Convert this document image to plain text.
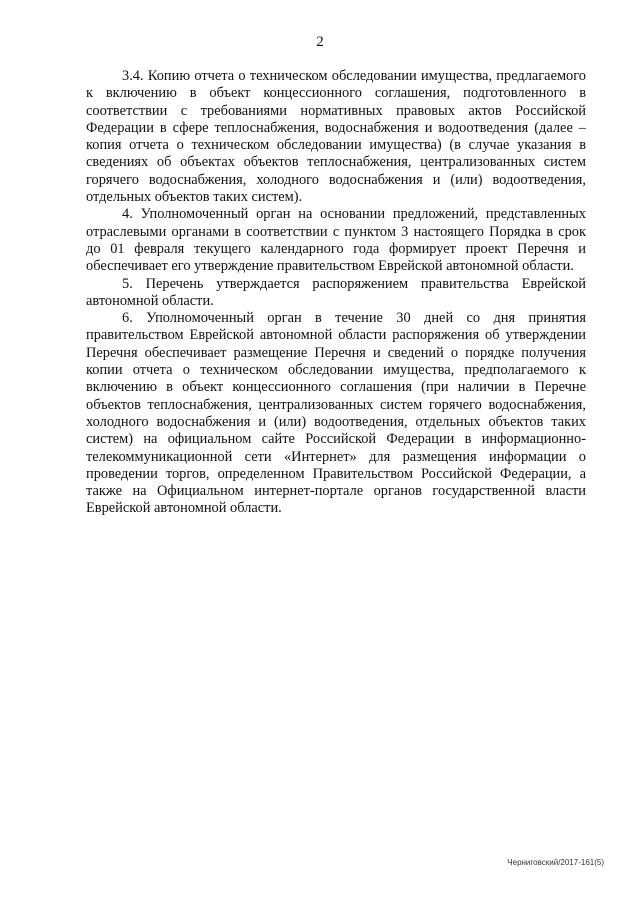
2

3.4. Копию отчета о техническом обследовании имущества, предлагаемого к включению в объект концессионного соглашения, подготовленного в соответствии с требованиями нормативных правовых актов Российской Федерации в сфере теплоснабжения, водоснабжения и водоотведения (далее – копия отчета о техническом обследовании имущества) (в случае указания в сведениях об объектах объектов теплоснабжения, централизованных систем горячего водоснабжения, холодного водоснабжения и (или) водоотведения, отдельных объектов таких систем).

4. Уполномоченный орган на основании предложений, представленных отраслевыми органами в соответствии с пунктом 3 настоящего Порядка в срок до 01 февраля текущего календарного года формирует проект Перечня и обеспечивает его утверждение правительством Еврейской автономной области.

5. Перечень утверждается распоряжением правительства Еврейской автономной области.

6. Уполномоченный орган в течение 30 дней со дня принятия правительством Еврейской автономной области распоряжения об утверждении Перечня обеспечивает размещение Перечня и сведений о порядке получения копии отчета о техническом обследовании имущества, предполагаемого к включению в объект концессионного соглашения (при наличии в Перечне объектов теплоснабжения, централизованных систем горячего водоснабжения, холодного водоснабжения и (или) водоотведения, отдельных объектов таких систем) на официальном сайте Российской Федерации в информационно-телекоммуникационной сети «Интернет» для размещения информации о проведении торгов, определенном Правительством Российской Федерации, а также на Официальном интернет-портале органов государственной власти Еврейской автономной области.

Черниговский/2017-161(5)
